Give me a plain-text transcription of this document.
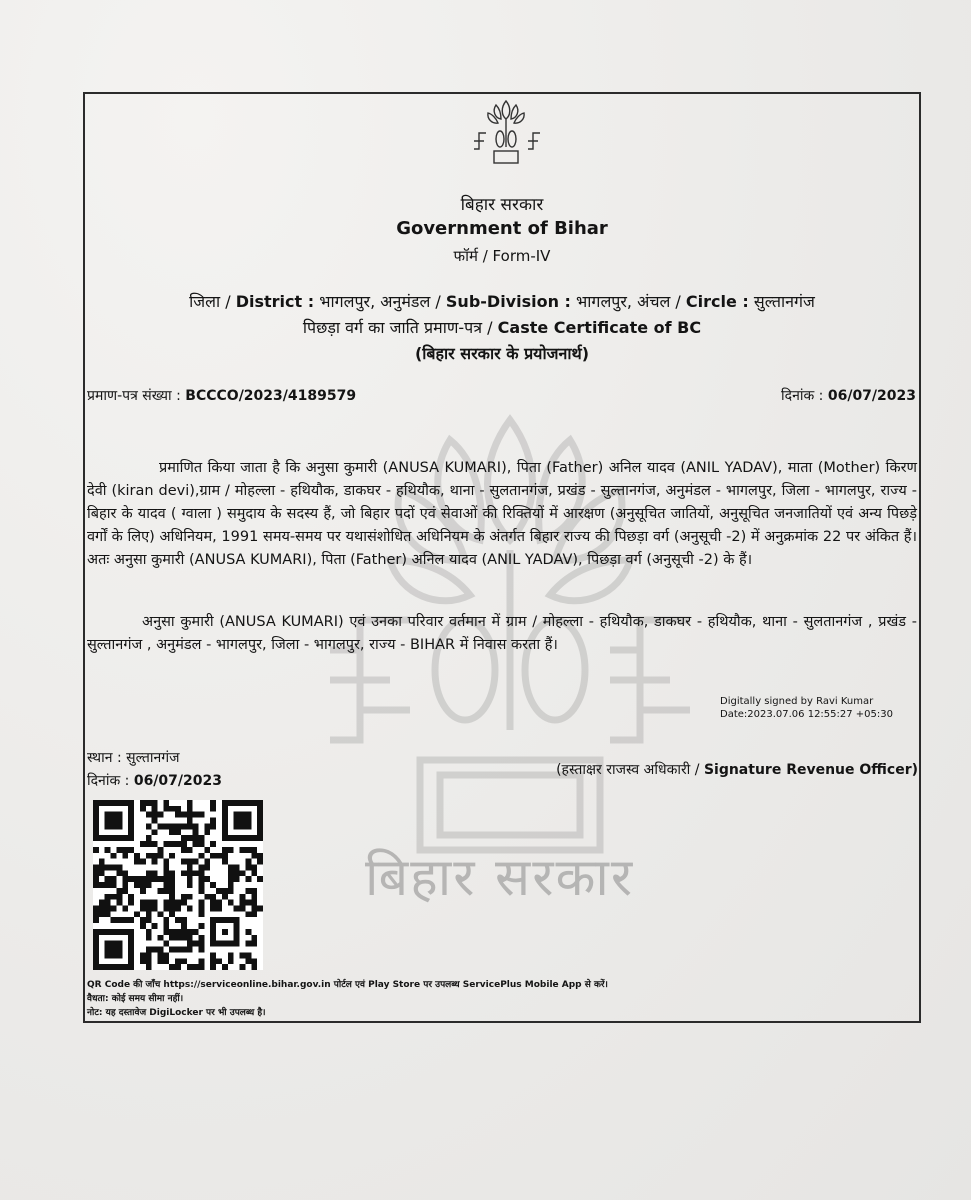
बिहार सरकार
बिहार सरकार
Government of Bihar
फॉर्म / Form-IV
जिला / District : भागलपुर, अनुमंडल / Sub-Division : भागलपुर, अंचल / Circle : सुल्तानगंज
पिछड़ा वर्ग का जाति प्रमाण-पत्र / Caste Certificate of BC
(बिहार सरकार के प्रयोजनार्थ)
प्रमाण-पत्र संख्या : BCCCO/2023/4189579	दिनांक : 06/07/2023
प्रमाणित किया जाता है कि अनुसा कुमारी (ANUSA KUMARI), पिता (Father) अनिल यादव (ANIL YADAV), माता (Mother) किरण देवी (kiran devi),ग्राम / मोहल्ला - हथियौक, डाकघर - हथियौक, थाना - सुलतानगंज, प्रखंड - सुल्तानगंज, अनुमंडल - भागलपुर, जिला - भागलपुर, राज्य - बिहार के यादव ( ग्वाला ) समुदाय के सदस्य हैं, जो बिहार पदों एवं सेवाओं की रिक्तियों में आरक्षण (अनुसूचित जातियों, अनुसूचित जनजातियों एवं अन्य पिछड़े वर्गों के लिए) अधिनियम, 1991 समय-समय पर यथासंशोधित अधिनियम के अंतर्गत बिहार राज्य की पिछड़ा वर्ग (अनुसूची -2) में अनुक्रमांक 22 पर अंकित हैं। अतः अनुसा कुमारी (ANUSA KUMARI), पिता (Father) अनिल यादव (ANIL YADAV), पिछड़ा वर्ग (अनुसूची -2) के हैं।
अनुसा कुमारी (ANUSA KUMARI) एवं उनका परिवार वर्तमान में ग्राम / मोहल्ला - हथियौक, डाकघर - हथियौक, थाना - सुलतानगंज , प्रखंड - सुल्तानगंज , अनुमंडल - भागलपुर, जिला - भागलपुर, राज्य - BIHAR में निवास करता हैं।
Digitally signed by Ravi Kumar
Date:2023.07.06 12:55:27 +05:30
स्थान : सुल्तानगंज
दिनांक : 06/07/2023
(हस्ताक्षर राजस्व अधिकारी / Signature Revenue Officer)
QR Code की जाँच https://serviceonline.bihar.gov.in पोर्टल एवं Play Store पर उपलब्ध ServicePlus Mobile App से करें।
वैधता: कोई समय सीमा नहीं।
नोट: यह दस्तावेज DigiLocker पर भी उपलब्ध है।
